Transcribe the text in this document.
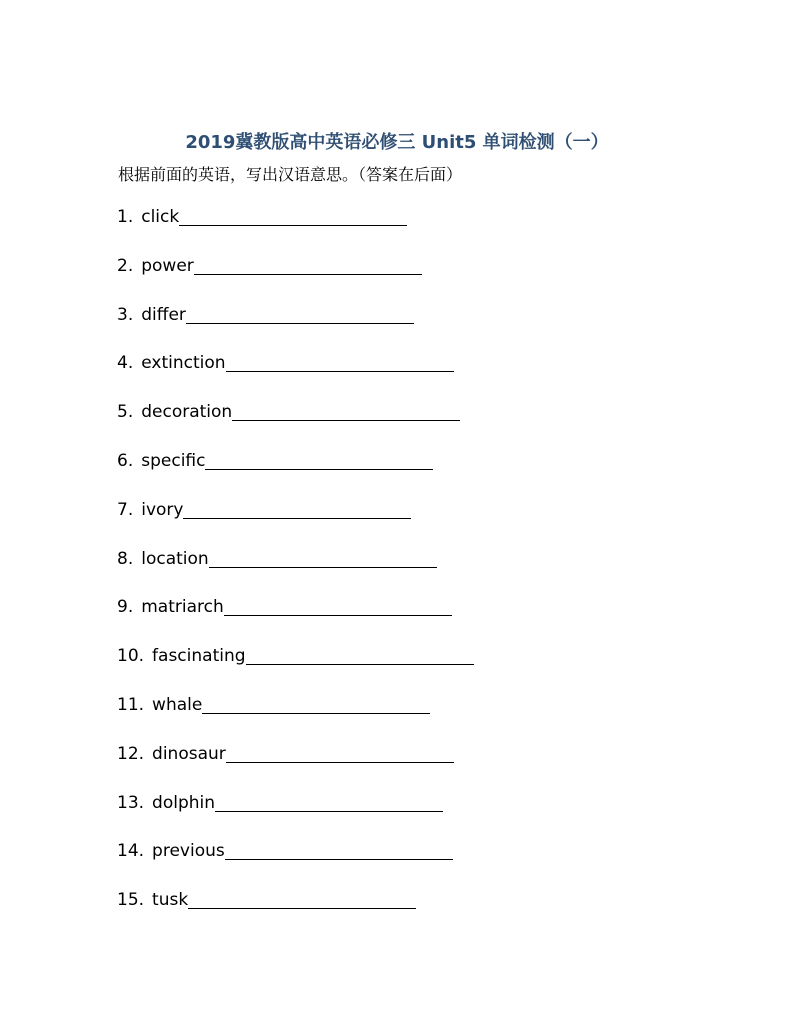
2019冀教版高中英语必修三 Unit5 单词检测（一）
根据前面的英语，写出汉语意思。（答案在后面）
1. click
2. power
3. differ
4. extinction
5. decoration
6. specific
7. ivory
8. location
9. matriarch
10. fascinating
11. whale
12. dinosaur
13. dolphin
14. previous
15. tusk
